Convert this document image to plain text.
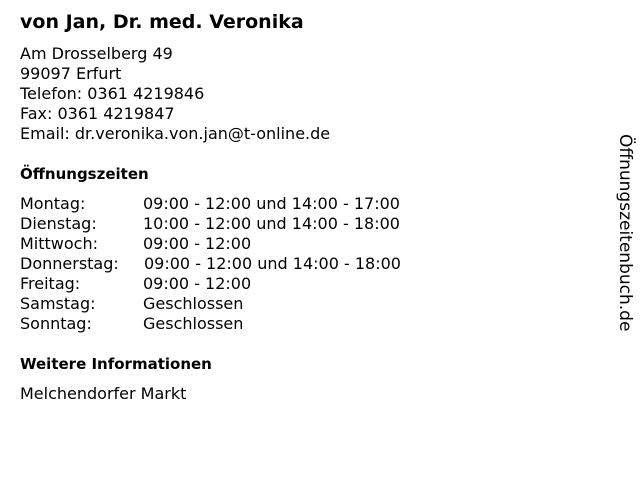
von Jan, Dr. med. Veronika
Am Drosselberg 49
99097 Erfurt
Telefon: 0361 4219846
Fax: 0361 4219847
Email: dr.veronika.von.jan@t-online.de
Öffnungszeiten
Montag:	09:00 - 12:00 und 14:00 - 17:00
Dienstag:	10:00 - 12:00 und 14:00 - 18:00
Mittwoch:	09:00 - 12:00
Donnerstag: 09:00 - 12:00 und 14:00 - 18:00
Freitag:	09:00 - 12:00
Samstag:	Geschlossen
Sonntag:	Geschlossen
Weitere Informationen
Melchendorfer Markt
Öffnungszeitenbuch.de
